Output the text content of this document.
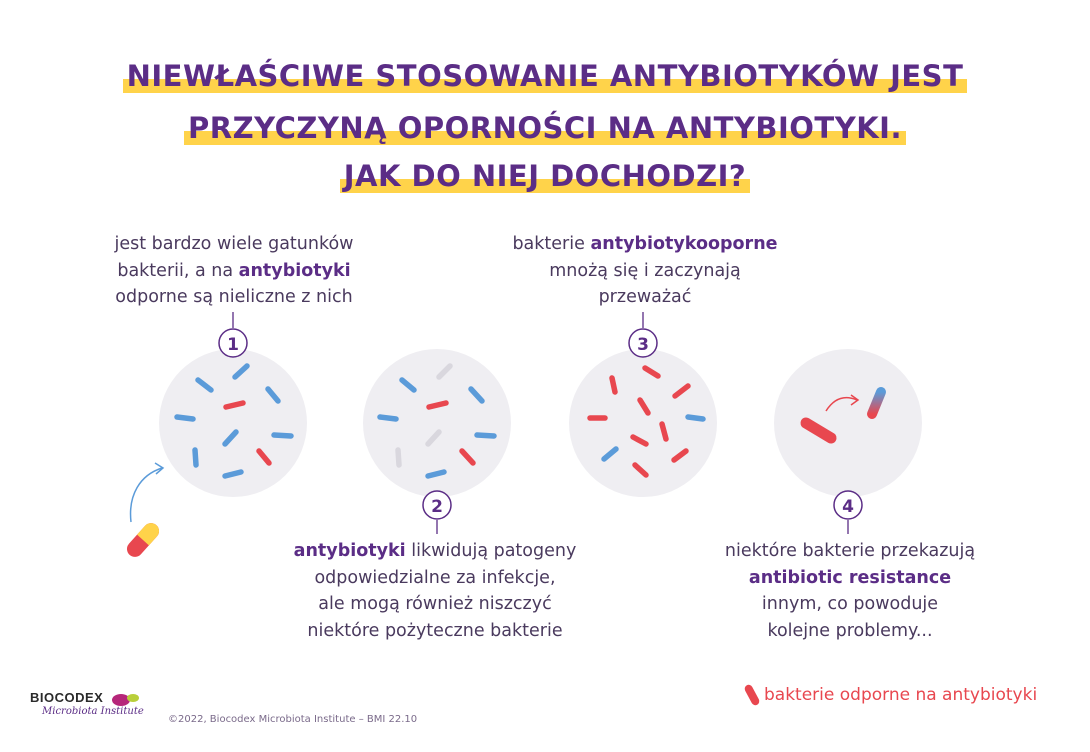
NIEWŁAŚCIWE STOSOWANIE ANTYBIOTYKÓW JEST
PRZYCZYNĄ OPORNOŚCI NA ANTYBIOTYKI.
JAK DO NIEJ DOCHODZI?
jest bardzo wiele gatunków
bakterii, a na antybiotyki
odporne są nieliczne z nich
antybiotyki likwidują patogeny
odpowiedzialne za infekcje,
ale mogą również niszczyć
niektóre pożyteczne bakterie
bakterie antybiotykooporne
mnożą się i zaczynają
przeważać
niektóre bakterie przekazują
antibiotic resistance
innym, co powoduje
kolejne problemy...
1
2
3
4
BIOCODEX
Microbiota Institute
©2022, Biocodex Microbiota Institute – BMI 22.10
bakterie odporne na antybiotyki
